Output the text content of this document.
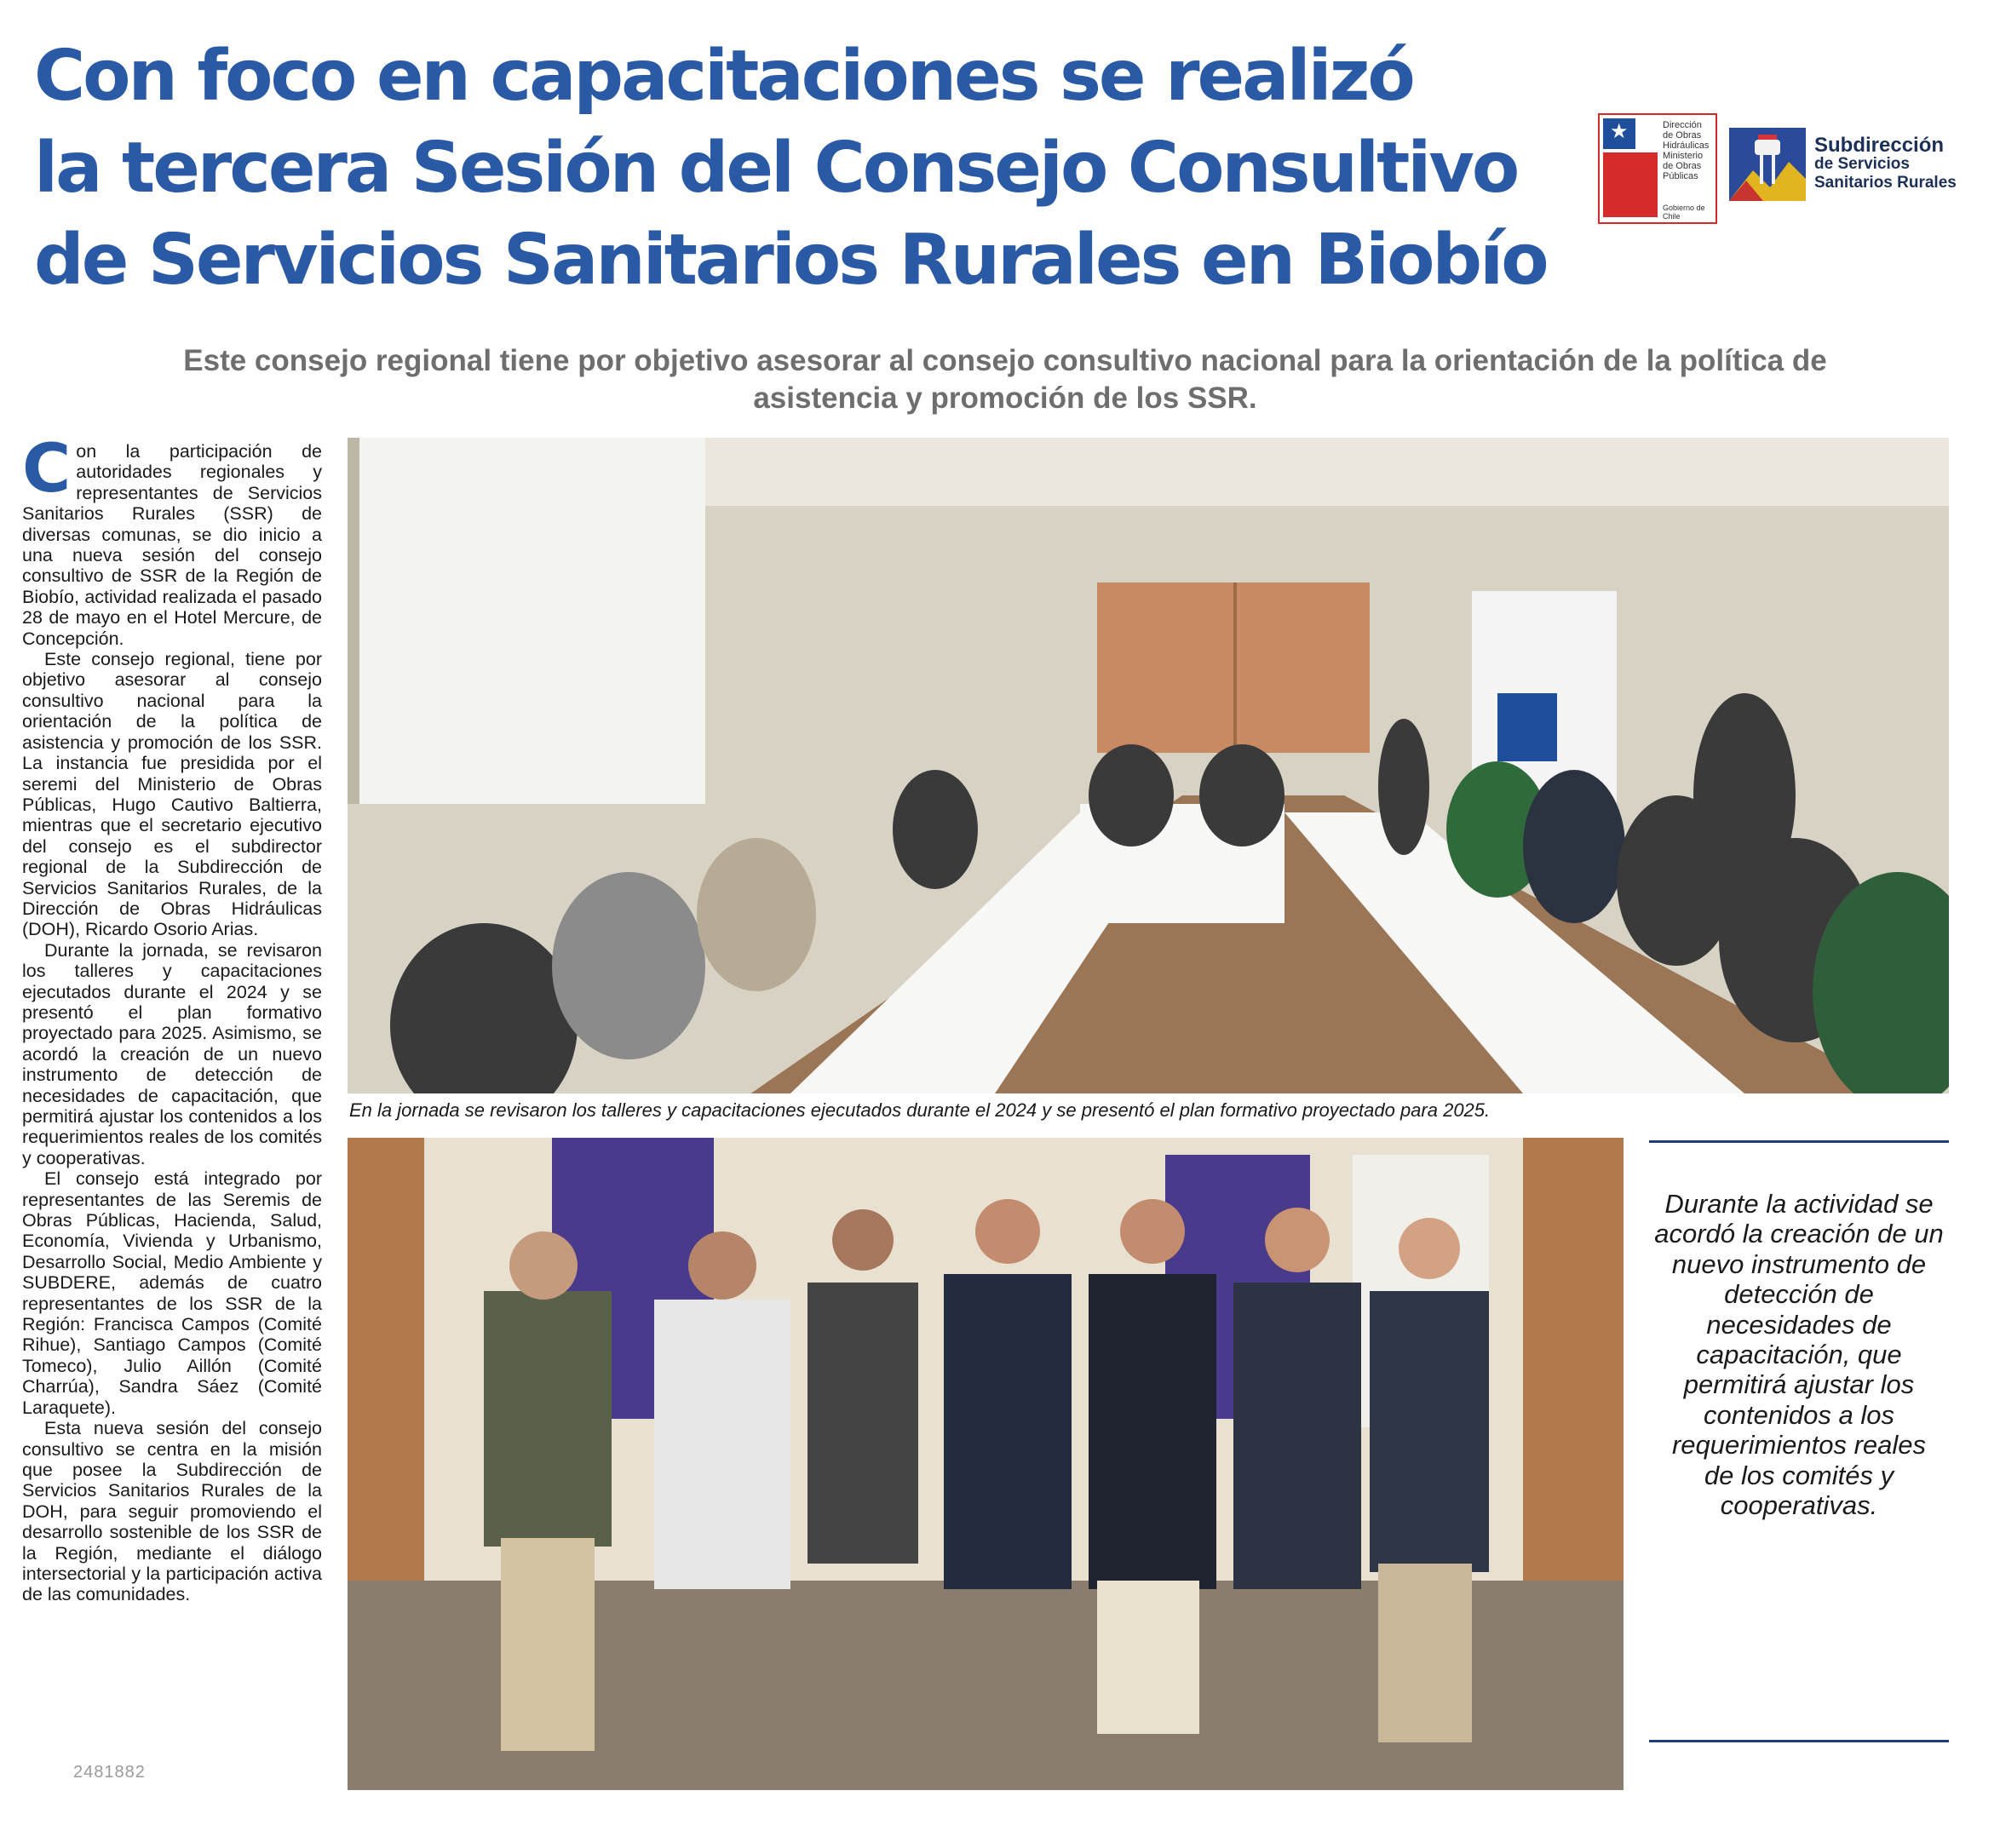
Con foco en capacitaciones se realizó
la tercera Sesión del Consejo Consultivo
de Servicios Sanitarios Rurales en Biobío
★	Dirección de Obras Hidráulicas
Ministerio de Obras Públicas
Gobierno de Chile
Subdirección
de Servicios
Sanitarios Rurales

Este consejo regional tiene por objetivo asesorar al consejo consultivo nacional para la orientación de la política de
asistencia y promoción de los SSR.

Con la participación de autoridades regionales y representantes de Servicios Sanitarios Rurales (SSR) de diversas comunas, se dio inicio a una nueva sesión del consejo consultivo de SSR de la Región de Biobío, actividad realizada el pasado 28 de mayo en el Hotel Mercure, de Concepción.

Este consejo regional, tiene por objetivo asesorar al consejo consultivo nacional para la orientación de la política de asistencia y promoción de los SSR. La instancia fue presidida por el seremi del Ministerio de Obras Públicas, Hugo Cautivo Baltierra, mientras que el secretario ejecutivo del consejo es el subdirector regional de la Subdirección de Servicios Sanitarios Rurales, de la Dirección de Obras Hidráulicas (DOH), Ricardo Osorio Arias.

Durante la jornada, se revisaron los talleres y capacitaciones ejecutados durante el 2024 y se presentó el plan formativo proyectado para 2025. Asimismo, se acordó la creación de un nuevo instrumento de detección de necesidades de capacitación, que permitirá ajustar los contenidos a los requerimientos reales de los comités y cooperativas.

El consejo está integrado por representantes de las Seremis de Obras Públicas, Hacienda, Salud, Economía, Vivienda y Urbanismo, Desarrollo Social, Medio Ambiente y SUBDERE, además de cuatro representantes de los SSR de la Región: Francisca Campos (Comité Rihue), Santiago Campos (Comité Tomeco), Julio Aillón (Comité Charrúa), Sandra Sáez (Comité Laraquete).

Esta nueva sesión del consejo consultivo se centra en la misión que posee la Subdirección de Servicios Sanitarios Rurales de la DOH, para seguir promoviendo el desarrollo sostenible de los SSR de la Región, mediante el diálogo intersectorial y la participación activa de las comunidades.

2481882

En la jornada se revisaron los talleres y capacitaciones ejecutados durante el 2024 y se presentó el plan formativo proyectado para 2025.

Durante la actividad se acordó la creación de un nuevo instrumento de detección de necesidades de capacitación, que permitirá ajustar los contenidos a los requerimientos reales de los comités y cooperativas.
